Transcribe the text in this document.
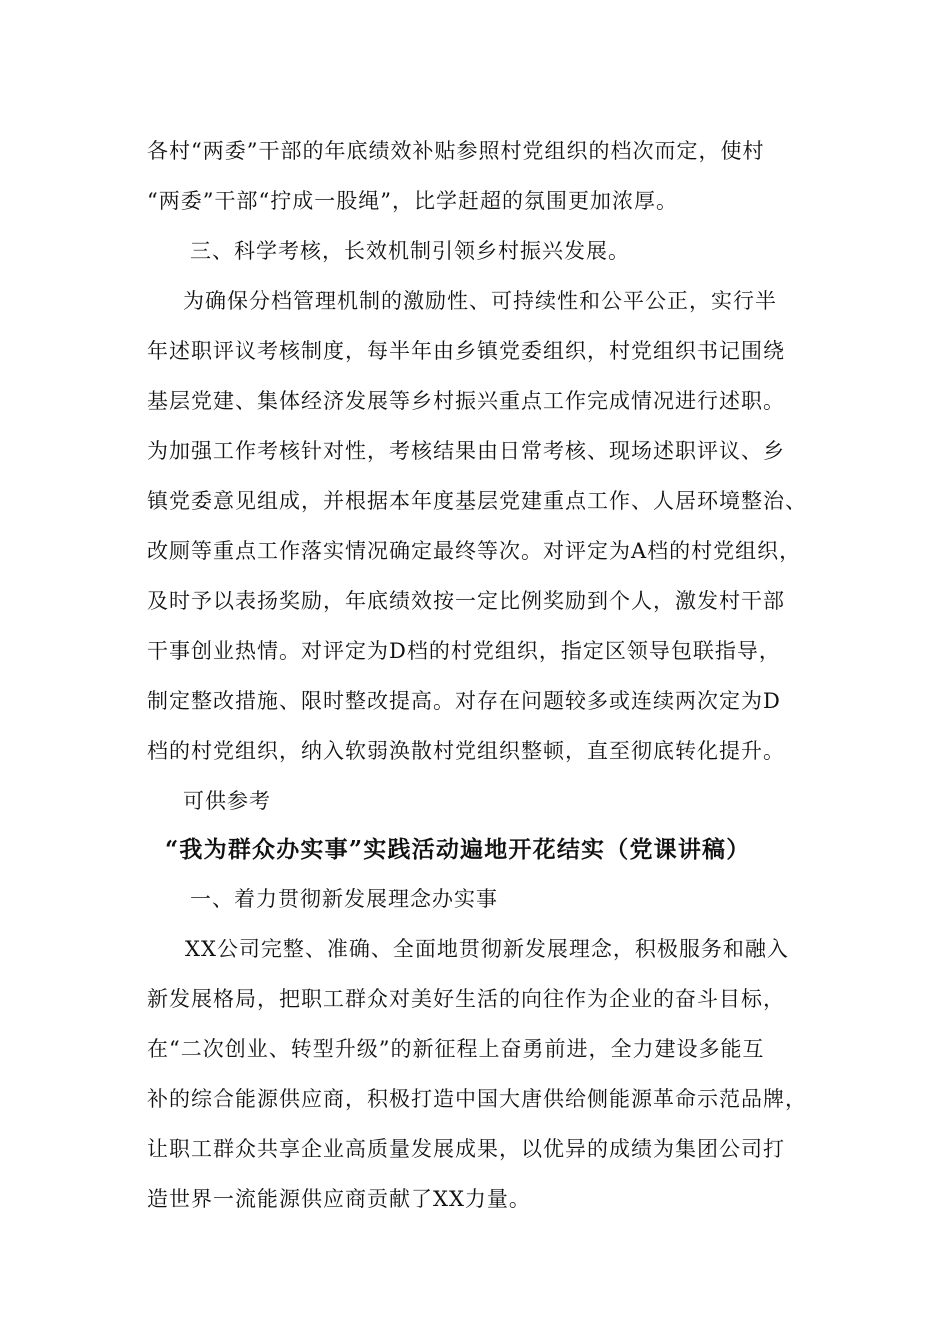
各村“两委”干部的年底绩效补贴参照村党组织的档次而定，使村
“两委”干部“拧成一股绳”，比学赶超的氛围更加浓厚。
三、科学考核，长效机制引领乡村振兴发展。
为确保分档管理机制的激励性、可持续性和公平公正，实行半
年述职评议考核制度，每半年由乡镇党委组织，村党组织书记围绕
基层党建、集体经济发展等乡村振兴重点工作完成情况进行述职。
为加强工作考核针对性，考核结果由日常考核、现场述职评议、乡
镇党委意见组成，并根据本年度基层党建重点工作、人居环境整治、
改厕等重点工作落实情况确定最终等次。对评定为A档的村党组织，
及时予以表扬奖励，年底绩效按一定比例奖励到个人，激发村干部
干事创业热情。对评定为D档的村党组织，指定区领导包联指导，
制定整改措施、限时整改提高。对存在问题较多或连续两次定为D
档的村党组织，纳入软弱涣散村党组织整顿，直至彻底转化提升。
可供参考
“我为群众办实事”实践活动遍地开花结实（党课讲稿）
一、着力贯彻新发展理念办实事
XX公司完整、准确、全面地贯彻新发展理念，积极服务和融入
新发展格局，把职工群众对美好生活的向往作为企业的奋斗目标，
在“二次创业、转型升级”的新征程上奋勇前进，全力建设多能互
补的综合能源供应商，积极打造中国大唐供给侧能源革命示范品牌，
让职工群众共享企业高质量发展成果，以优异的成绩为集团公司打
造世界一流能源供应商贡献了XX力量。
